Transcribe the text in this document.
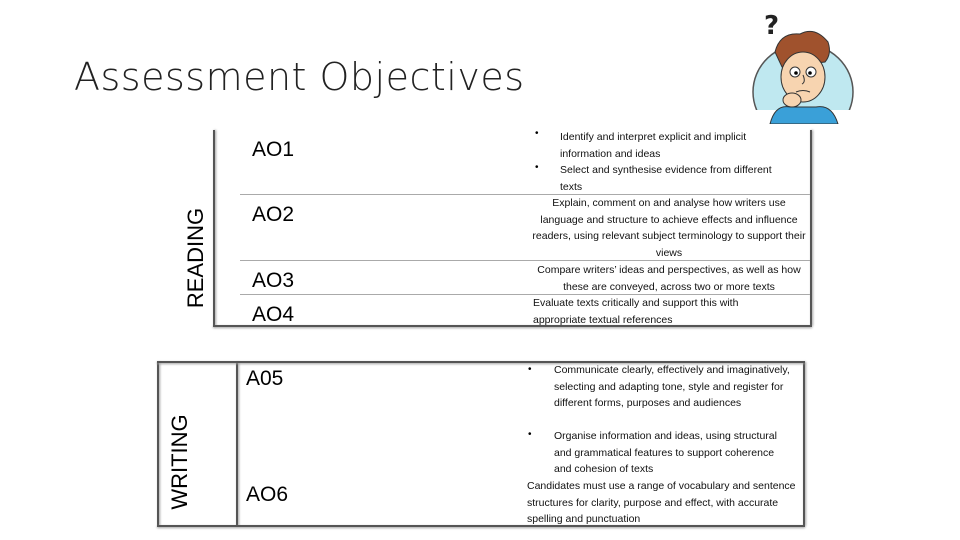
Assessment Objectives
?
READING
AO1
AO2
AO3
AO4
• Identify and interpret explicit and implicit information and ideas
• Select and synthesise evidence from different texts
Explain, comment on and analyse how writers use language and structure to achieve effects and influence readers, using relevant subject terminology to support their views
Compare writers’ ideas and perspectives, as well as how these are conveyed, across two or more texts
Evaluate texts critically and support this with appropriate textual references
WRITING
A05
AO6
• Communicate clearly, effectively and imaginatively, selecting and adapting tone, style and register for different forms, purposes and audiences
• Organise information and ideas, using structural and grammatical features to support coherence and cohesion of texts
Candidates must use a range of vocabulary and sentence structures for clarity, purpose and effect, with accurate spelling and punctuation
